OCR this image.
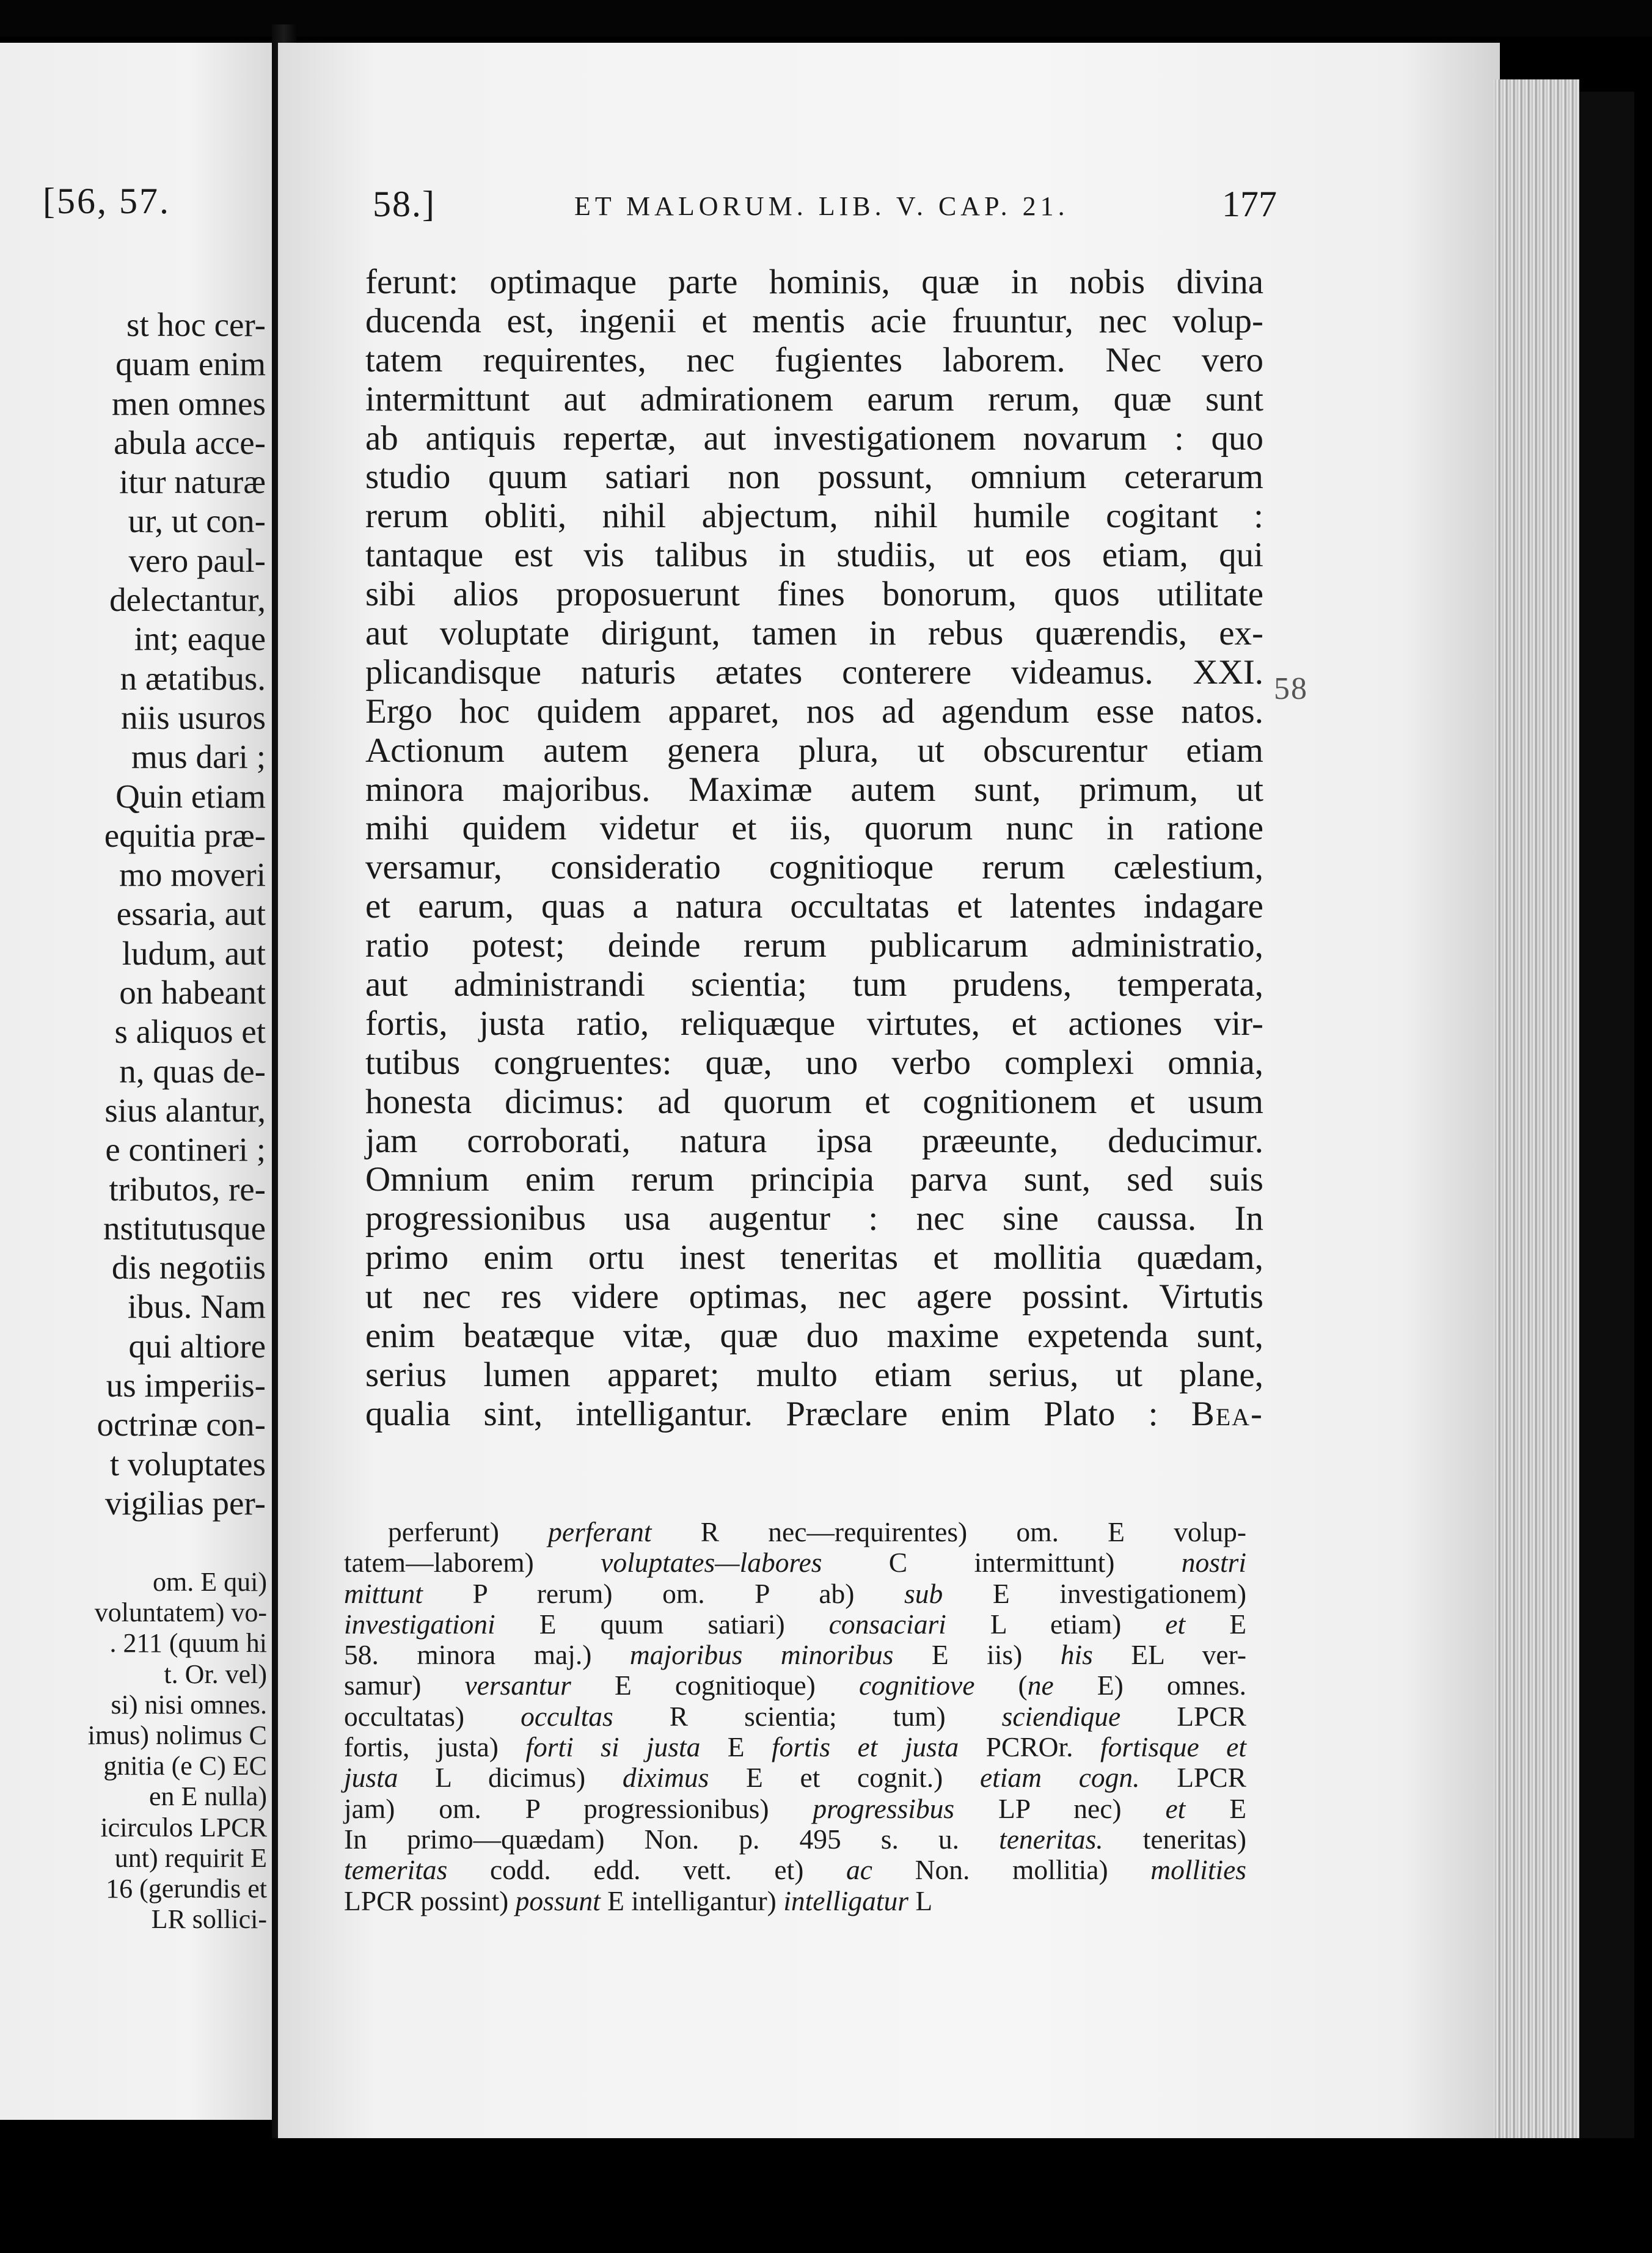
[56, 57.
st hoc cer-
quam enim
men omnes
abula acce-
itur naturæ
ur, ut con-
vero paul-
delectantur,
int; eaque
n ætatibus.
niis usuros
mus dari ;
Quin etiam
equitia præ-
mo moveri
essaria, aut
ludum, aut
on habeant
s aliquos et
n, quas de-
sius alantur,
e contineri ;
tributos, re-
nstitutusque
dis negotiis
ibus. Nam
qui altiore
us imperiis-
octrinæ con-
t voluptates
vigilias per-
om. E qui)
voluntatem) vo-
. 211 (quum hi
t. Or. vel)
si) nisi omnes.
imus) nolimus C
gnitia (e C) EC
en E nulla)
icirculos LPCR
unt) requirit E
16 (gerundis et
LR sollici-
58.]	ET MALORUM. LIB. V. CAP. 21.	177
ferunt: optimaque parte hominis, quæ in nobis divina
ducenda est, ingenii et mentis acie fruuntur, nec volup-
tatem requirentes, nec fugientes laborem. Nec vero
intermittunt aut admirationem earum rerum, quæ sunt
ab antiquis repertæ, aut investigationem novarum : quo
studio quum satiari non possunt, omnium ceterarum
rerum obliti, nihil abjectum, nihil humile cogitant :
tantaque est vis talibus in studiis, ut eos etiam, qui
sibi alios proposuerunt fines bonorum, quos utilitate
aut voluptate dirigunt, tamen in rebus quærendis, ex-
plicandisque naturis ætates conterere videamus. XXI.
Ergo hoc quidem apparet, nos ad agendum esse natos.
Actionum autem genera plura, ut obscurentur etiam
minora majoribus. Maximæ autem sunt, primum, ut
mihi quidem videtur et iis, quorum nunc in ratione
versamur, consideratio cognitioque rerum cælestium,
et earum, quas a natura occultatas et latentes indagare
ratio potest; deinde rerum publicarum administratio,
aut administrandi scientia; tum prudens, temperata,
fortis, justa ratio, reliquæque virtutes, et actiones vir-
tutibus congruentes: quæ, uno verbo complexi omnia,
honesta dicimus: ad quorum et cognitionem et usum
jam corroborati, natura ipsa præeunte, deducimur.
Omnium enim rerum principia parva sunt, sed suis
progressionibus usa augentur : nec sine caussa. In
primo enim ortu inest teneritas et mollitia quædam,
ut nec res videre optimas, nec agere possint. Virtutis
enim beatæque vitæ, quæ duo maxime expetenda sunt,
serius lumen apparet; multo etiam serius, ut plane,
qualia sint, intelligantur. Præclare enim Plato : Bea-
58
perferunt) perferant R nec—requirentes) om. E volup-
tatem—laborem) voluptates—labores C intermittunt) nostri
mittunt P rerum) om. P ab) sub E investigationem)
investigationi E quum satiari) consaciari L etiam) et E
58. minora maj.) majoribus minoribus E iis) his EL ver-
samur) versantur E cognitioque) cognitiove (ne E) omnes.
occultatas) occultas R scientia; tum) sciendique LPCR
fortis, justa) forti si justa E fortis et justa PCROr. fortisque et
justa L dicimus) diximus E et cognit.) etiam cogn. LPCR
jam) om. P progressionibus) progressibus LP nec) et E
In primo—quædam) Non. p. 495 s. u. teneritas. teneritas)
temeritas codd. edd. vett. et) ac Non. mollitia) mollities
LPCR possint) possunt E intelligantur) intelligatur L
